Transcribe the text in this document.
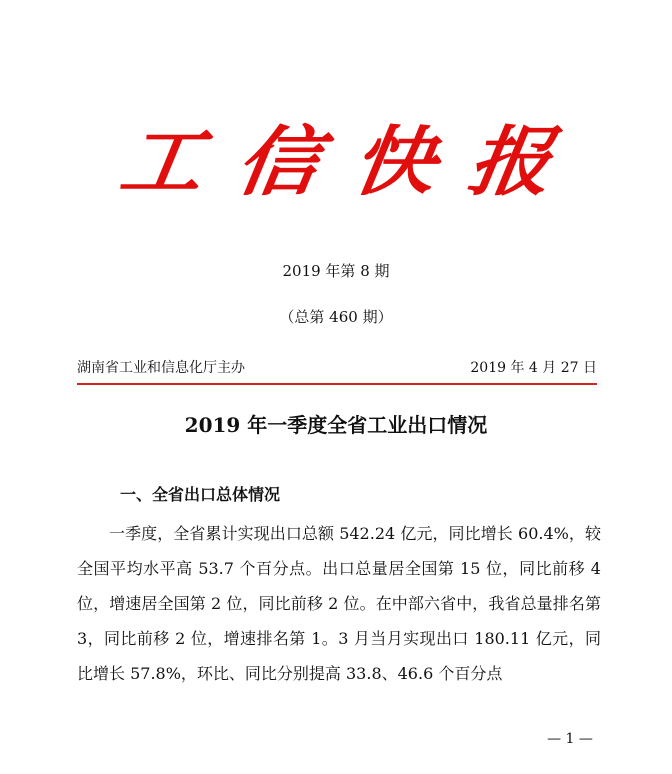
工信快报
2019 年第 8 期
（总第 460 期）
湖南省工业和信息化厅主办	2019 年 4 月 27 日
2019 年一季度全省工业出口情况
一、全省出口总体情况

一季度，全省累计实现出口总额 542.24 亿元，同比增长 60.4%，较全国平均水平高 53.7 个百分点。出口总量居全国第 15 位，同比前移 4 位，增速居全国第 2 位，同比前移 2 位。在中部六省中，我省总量排名第 3，同比前移 2 位，增速排名第 1。3 月当月实现出口 180.11 亿元，同比增长 57.8%，环比、同比分别提高 33.8、46.6 个百分点

— 1 —
